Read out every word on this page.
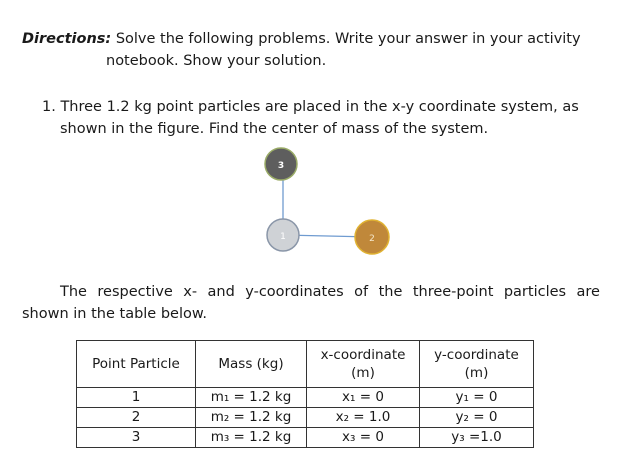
Directions: Solve the following problems. Write your answer in your activity
notebook. Show your solution.
1. Three 1.2 kg point particles are placed in the x-y coordinate system, as
shown in the figure. Find the center of mass of the system.
1	2
3
The respective x- and y-coordinates of the three-point particles are
shown in the table below.
Point Particle	Mass (kg)	x-coordinate (m)	y-coordinate (m)
1	m₁ = 1.2 kg	x₁ = 0	y₁ = 0
2	m₂ = 1.2 kg	x₂ = 1.0	y₂ = 0
3	m₃ = 1.2 kg	x₃ = 0	y₃ =1.0
